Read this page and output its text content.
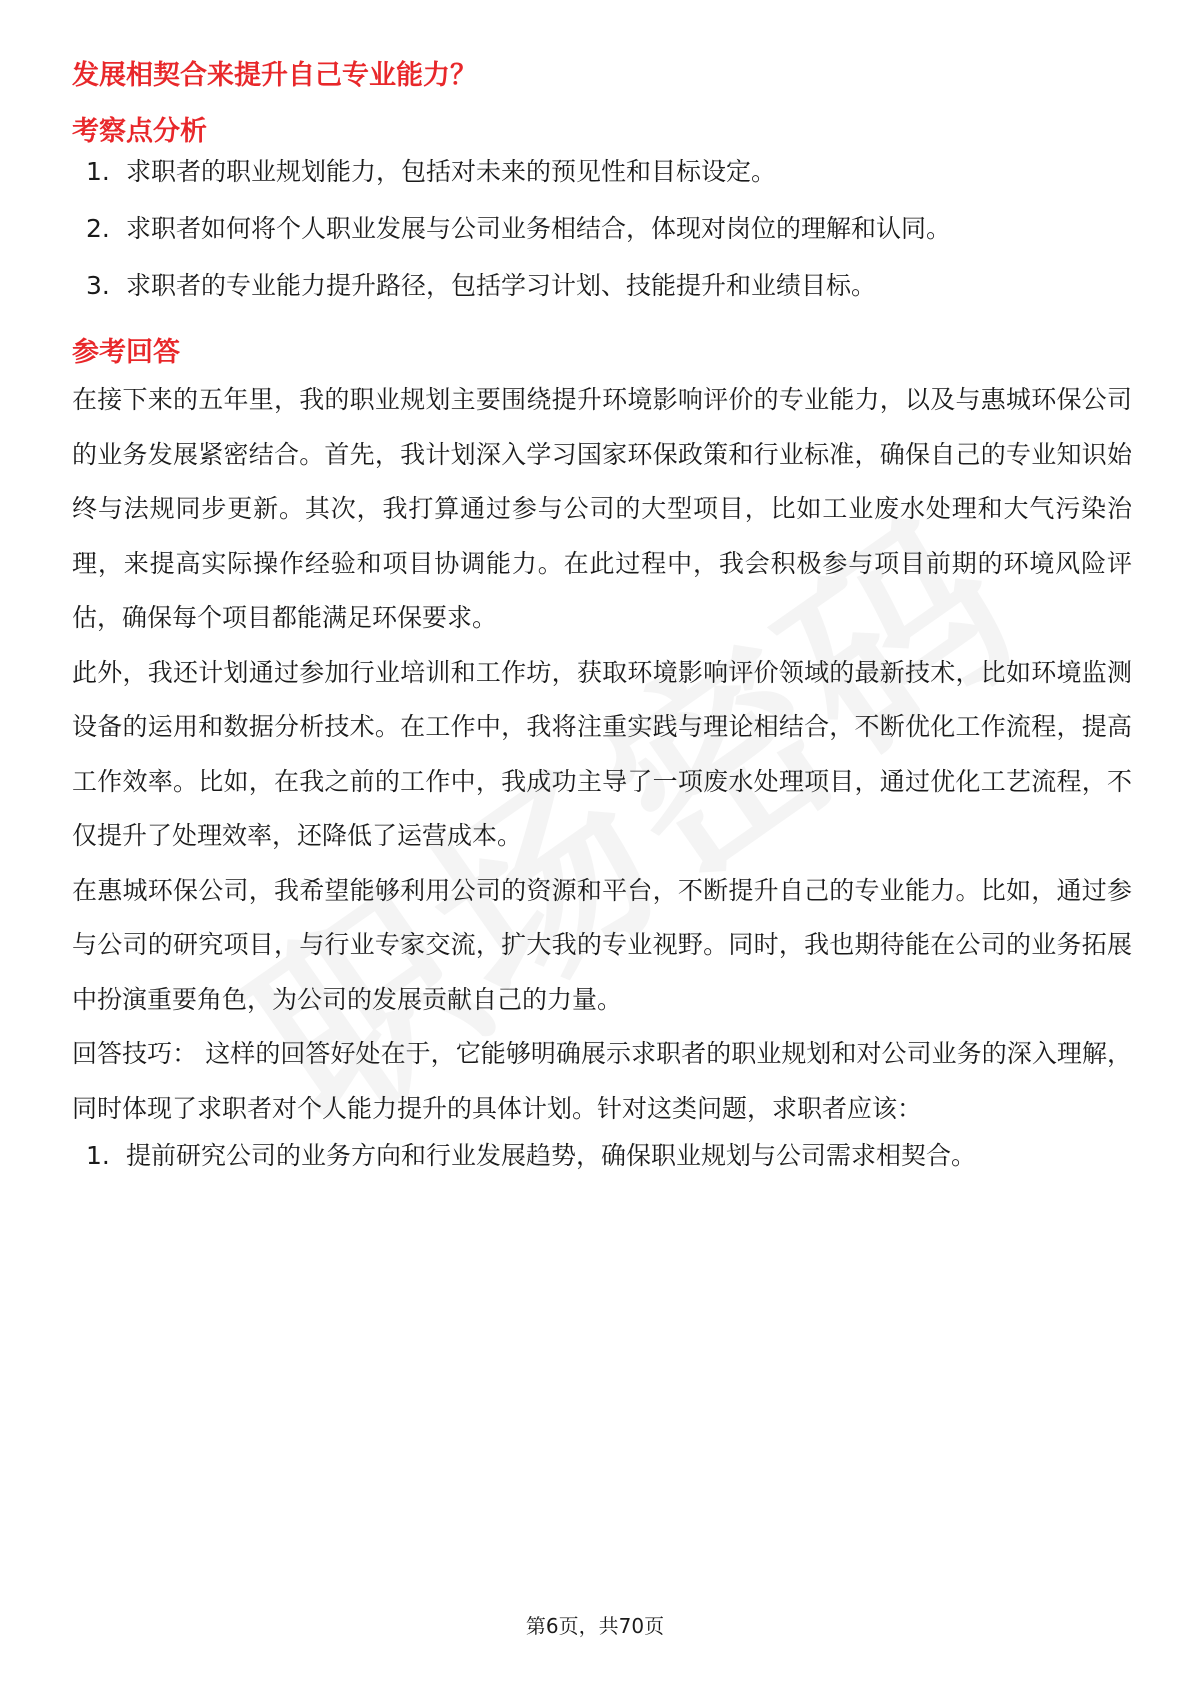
发展相契合来提升自己专业能力？
考察点分析
1. 求职者的职业规划能力，包括对未来的预见性和目标设定。
2. 求职者如何将个人职业发展与公司业务相结合，体现对岗位的理解和认同。
3. 求职者的专业能力提升路径，包括学习计划、技能提升和业绩目标。
参考回答

在接下来的五年里，我的职业规划主要围绕提升环境影响评价的专业能力，以及与惠城环保公司的业务发展紧密结合。首先，我计划深入学习国家环保政策和行业标准，确保自己的专业知识始终与法规同步更新。其次，我打算通过参与公司的大型项目，比如工业废水处理和大气污染治理，来提高实际操作经验和项目协调能力。在此过程中，我会积极参与项目前期的环境风险评估，确保每个项目都能满足环保要求。

此外，我还计划通过参加行业培训和工作坊，获取环境影响评价领域的最新技术，比如环境监测设备的运用和数据分析技术。在工作中，我将注重实践与理论相结合，不断优化工作流程，提高工作效率。比如，在我之前的工作中，我成功主导了一项废水处理项目，通过优化工艺流程，不仅提升了处理效率，还降低了运营成本。

在惠城环保公司，我希望能够利用公司的资源和平台，不断提升自己的专业能力。比如，通过参与公司的研究项目，与行业专家交流，扩大我的专业视野。同时，我也期待能在公司的业务拓展中扮演重要角色，为公司的发展贡献自己的力量。

回答技巧： 这样的回答好处在于，它能够明确展示求职者的职业规划和对公司业务的深入理解，同时体现了求职者对个人能力提升的具体计划。针对这类问题，求职者应该：

1. 提前研究公司的业务方向和行业发展趋势，确保职业规划与公司需求相契合。
第6页，共70页
